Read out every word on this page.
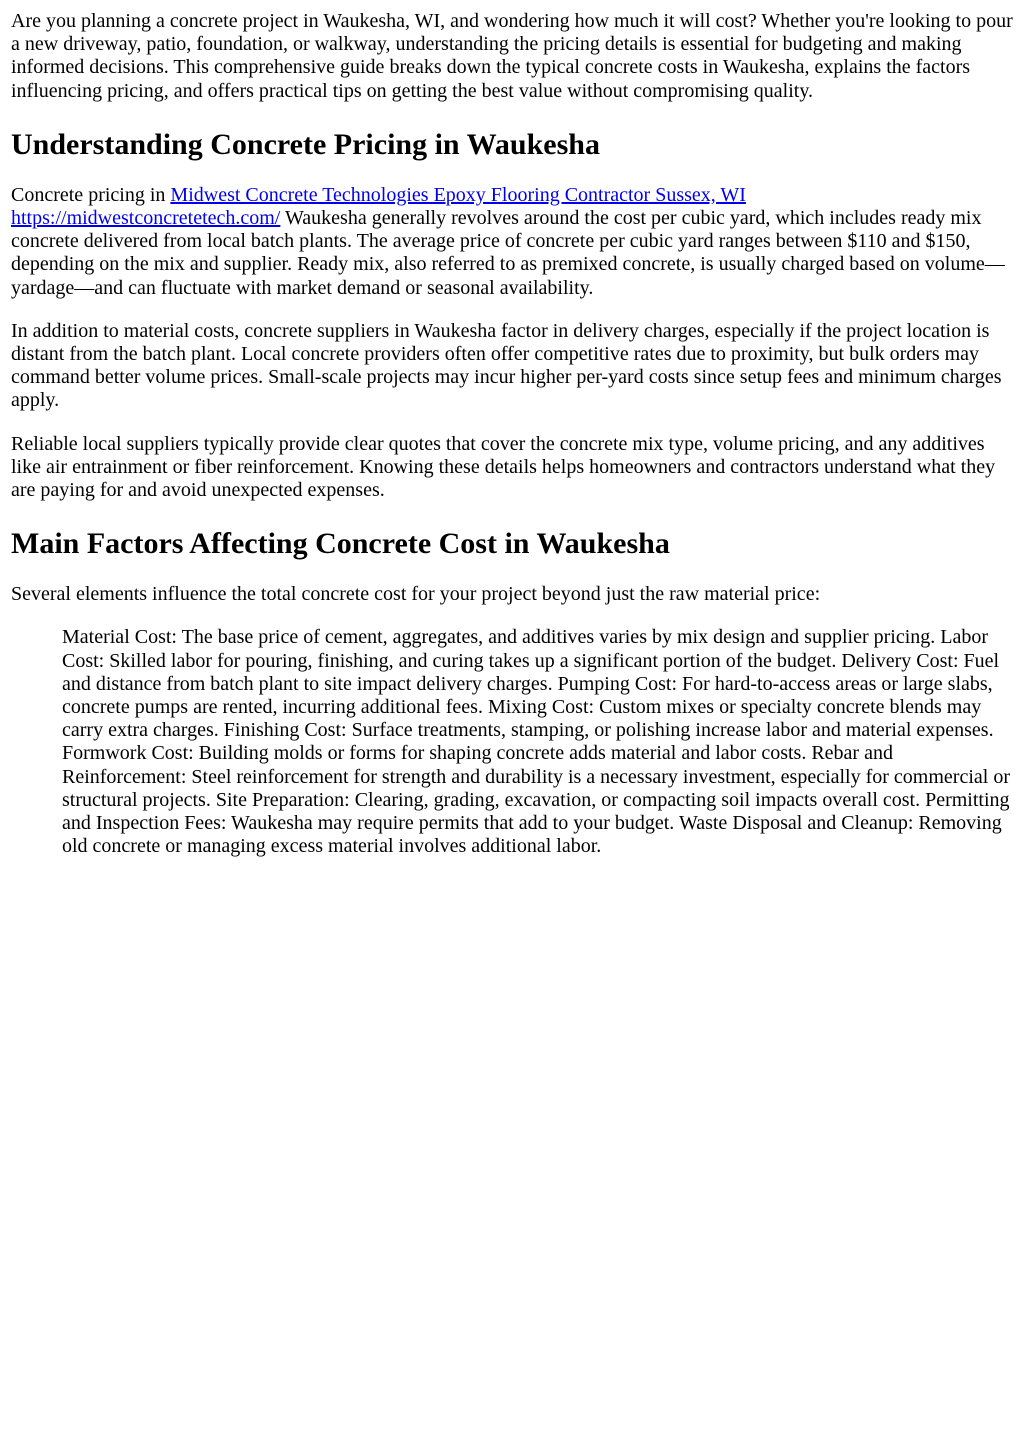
Are you planning a concrete project in Waukesha, WI, and wondering how much it will cost? Whether you're looking to pour a new driveway, patio, foundation, or walkway, understanding the pricing details is essential for budgeting and making informed decisions. This comprehensive guide breaks down the typical concrete costs in Waukesha, explains the factors influencing pricing, and offers practical tips on getting the best value without compromising quality.

Understanding Concrete Pricing in Waukesha

Concrete pricing in Midwest Concrete Technologies Epoxy Flooring Contractor Sussex, WI
https://midwestconcretetech.com/ Waukesha generally revolves around the cost per cubic yard, which includes ready mix concrete delivered from local batch plants. The average price of concrete per cubic yard ranges between $110 and $150, depending on the mix and supplier. Ready mix, also referred to as premixed concrete, is usually charged based on volume—yardage—and can fluctuate with market demand or seasonal availability.

In addition to material costs, concrete suppliers in Waukesha factor in delivery charges, especially if the project location is distant from the batch plant. Local concrete providers often offer competitive rates due to proximity, but bulk orders may command better volume prices. Small-scale projects may incur higher per-yard costs since setup fees and minimum charges apply.

Reliable local suppliers typically provide clear quotes that cover the concrete mix type, volume pricing, and any additives like air entrainment or fiber reinforcement. Knowing these details helps homeowners and contractors understand what they are paying for and avoid unexpected expenses.

Main Factors Affecting Concrete Cost in Waukesha

Several elements influence the total concrete cost for your project beyond just the raw material price:

Material Cost: The base price of cement, aggregates, and additives varies by mix design and supplier pricing. Labor Cost: Skilled labor for pouring, finishing, and curing takes up a significant portion of the budget. Delivery Cost: Fuel and distance from batch plant to site impact delivery charges. Pumping Cost: For hard-to-access areas or large slabs, concrete pumps are rented, incurring additional fees. Mixing Cost: Custom mixes or specialty concrete blends may carry extra charges. Finishing Cost: Surface treatments, stamping, or polishing increase labor and material expenses. Formwork Cost: Building molds or forms for shaping concrete adds material and labor costs. Rebar and Reinforcement: Steel reinforcement for strength and durability is a necessary investment, especially for commercial or structural projects. Site Preparation: Clearing, grading, excavation, or compacting soil impacts overall cost. Permitting and Inspection Fees: Waukesha may require permits that add to your budget. Waste Disposal and Cleanup: Removing old concrete or managing excess material involves additional labor.
